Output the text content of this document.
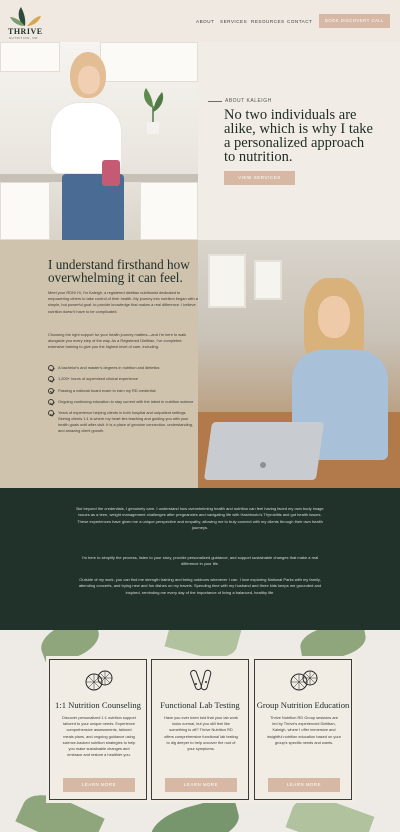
THRIVE
NUTRITION, RD
ABOUT SERVICES RESOURCES CONTACT	BOOK DISCOVERY CALL
ABOUT KALEIGH
No two individuals are alike, which is why I take a personalized approach to nutrition.
VIEW SERVICES
I understand firsthand how overwhelming it can feel.

Meet your RDN! Hi, I'm Kaleigh, a registered dietitian nutritionist dedicated to empowering others to take control of their health. My journey into nutrition began with a simple, but powerful goal: to provide knowledge that makes a real difference. I believe nutrition doesn't have to be complicated.

Choosing the right support for your health journey matters—and I'm here to walk alongside you every step of the way. As a Registered Dietitian, I've completed extensive training to give you the highest level of care, including:

A bachelor's and master's degrees in nutrition and dietetics
1,200+ hours of supervised clinical experience
Passing a national board exam to earn my RD credential
Ongoing continuing education to stay current with the latest in nutrition science
Years of experience helping clients in both hospital and outpatient settings. Seeing clients 1:1 is where my heart lies teaching and guiding you with your health goals until after-visit. It is a place of genuine connection, understanding, and amazing client growth.

But beyond the credentials, I genuinely care. I understand how overwhelming health and nutrition can feel having faced my own body image issues as a teen, weight management challenges after pregnancies and navigating life with Hashimoto's Thyroiditis and gut health issues. These experiences have given me a unique perspective and empathy, allowing me to truly connect with my clients through their own health journeys.

I'm here to simplify the process, listen to your story, provide personalized guidance, and support sustainable changes that make a real difference in your life.

Outside of my work, you can find me strength training and being outdoors whenever I can. I love exploring National Parks with my family, attending concerts, and trying new and fun dishes on my travels. Spending time with my husband and three kids keeps me grounded and inspired, reminding me every day of the importance of living a balanced, healthy life.

1:1 Nutrition Counseling
Discover personalized 1:1 nutrition support tailored to your unique needs. Experience comprehensive assessments, tailored meals plans, and ongoing guidance using science-backed nutrition strategies to help you make sustainable changes and embrace and restore a healthier you.
LEARN MORE
Functional Lab Testing
Have you ever been told that your lab work looks normal, but you still feel like something is off? Thrive Nutrition RD offers comprehensive functional lab testing to dig deeper to help uncover the root of your symptoms.
LEARN MORE
Group Nutrition Education
Thrive Nutrition RD Group sessions are led by Thrive's experienced Dietitian, Kaleigh, where I offer immersive and insightful nutrition education based on your group's specific needs and wants.
LEARN MORE
